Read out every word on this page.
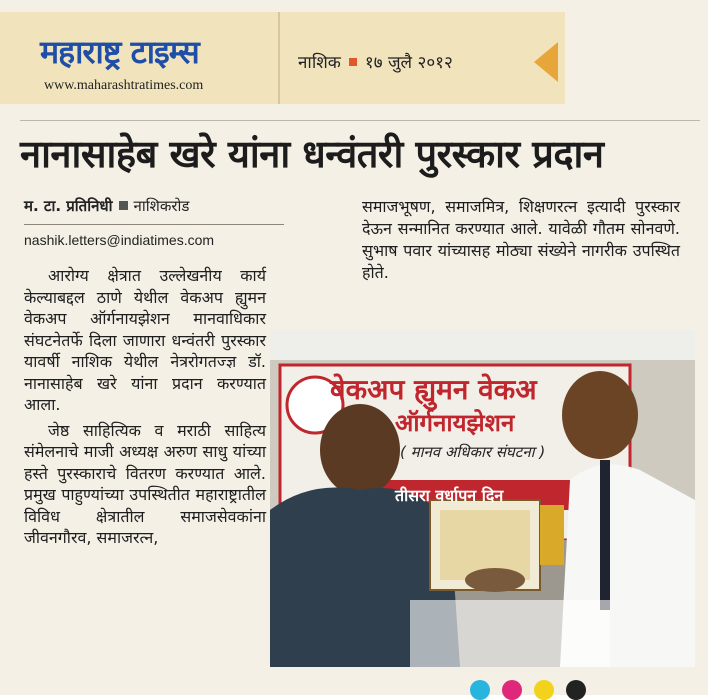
महाराष्ट्र टाइम्स
www.maharashtratimes.com
नाशिक १७ जुलै २०१२
नानासाहेब खरे यांना धन्वंतरी पुरस्कार प्रदान
म. टा. प्रतिनिधी नाशिकरोड
nashik.letters@indiatimes.com

आरोग्य क्षेत्रात उल्लेखनीय कार्य केल्याबद्दल ठाणे येथील वेकअप ह्युमन वेकअप ऑर्गनायझेशन मानवाधिकार संघटनेतर्फे दिला जाणारा धन्वंतरी पुरस्कार यावर्षी नाशिक येथील नेत्ररोगतज्ज्ञ डॉ. नानासाहेब खरे यांना प्रदान करण्यात आला.

जेष्ठ साहित्यिक व मराठी साहित्य संमेलनाचे माजी अध्यक्ष अरुण साधु यांच्या हस्ते पुरस्काराचे वितरण करण्यात आले. प्रमुख पाहुण्यांच्या उपस्थितीत महाराष्ट्रातील विविध क्षेत्रातील समाजसेवकांना जीवनगौरव, समाजरत्न,

समाजभूषण, समाजमित्र, शिक्षणरत्न इत्यादी पुरस्कार देऊन सन्मानित करण्यात आले. यावेळी गौतम सोनवणे. सुभाष पवार यांच्यासह मोठ्या संख्येने नागरीक उपस्थित होते.

वेकअप ह्युमन वेकअ
ऑर्गनायझेशन
( मानव अधिकार संघटना )
तीसरा वर्धापन दिन
